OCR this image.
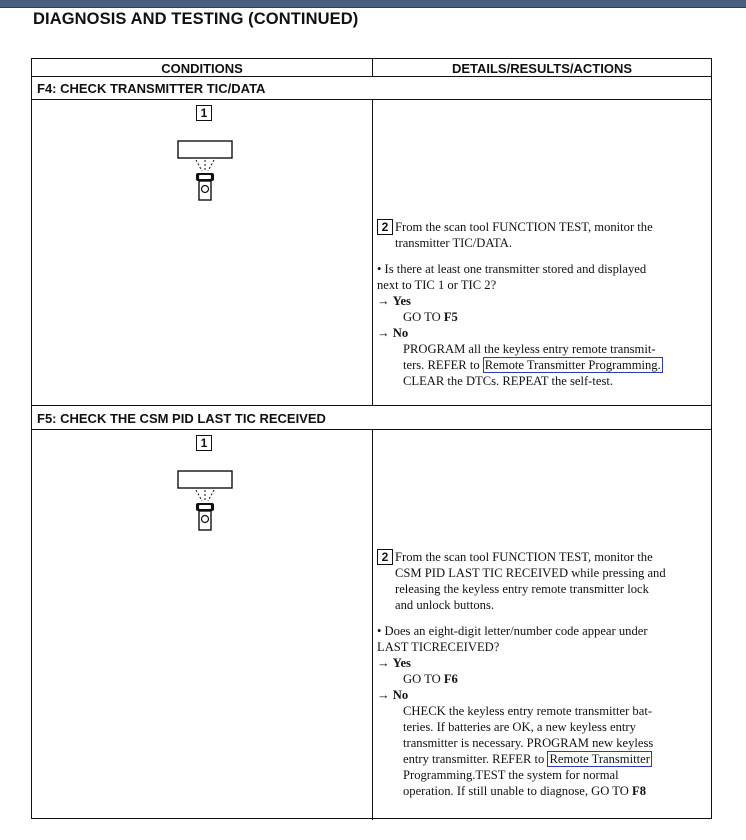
DIAGNOSIS AND TESTING (CONTINUED)
CONDITIONS	DETAILS/RESULTS/ACTIONS
F4: CHECK TRANSMITTER TIC/DATA
1
2 From the scan tool FUNCTION TEST, monitor the

transmitter TIC/DATA.

• Is there at least one transmitter stored and displayed

next to TIC 1 or TIC 2?

→ Yes

GO TO F5

→ No

PROGRAM all the keyless entry remote transmit-

ters. REFER to Remote Transmitter Programming.

CLEAR the DTCs. REPEAT the self-test.

F5: CHECK THE CSM PID LAST TIC RECEIVED
1
2 From the scan tool FUNCTION TEST, monitor the

CSM PID LAST TIC RECEIVED while pressing and

releasing the keyless entry remote transmitter lock

and unlock buttons.

• Does an eight-digit letter/number code appear under

LAST TICRECEIVED?

→ Yes

GO TO F6

→ No

CHECK the keyless entry remote transmitter bat-

teries. If batteries are OK, a new keyless entry

transmitter is necessary. PROGRAM new keyless

entry transmitter. REFER to Remote Transmitter

Programming.TEST the system for normal

operation. If still unable to diagnose, GO TO F8
